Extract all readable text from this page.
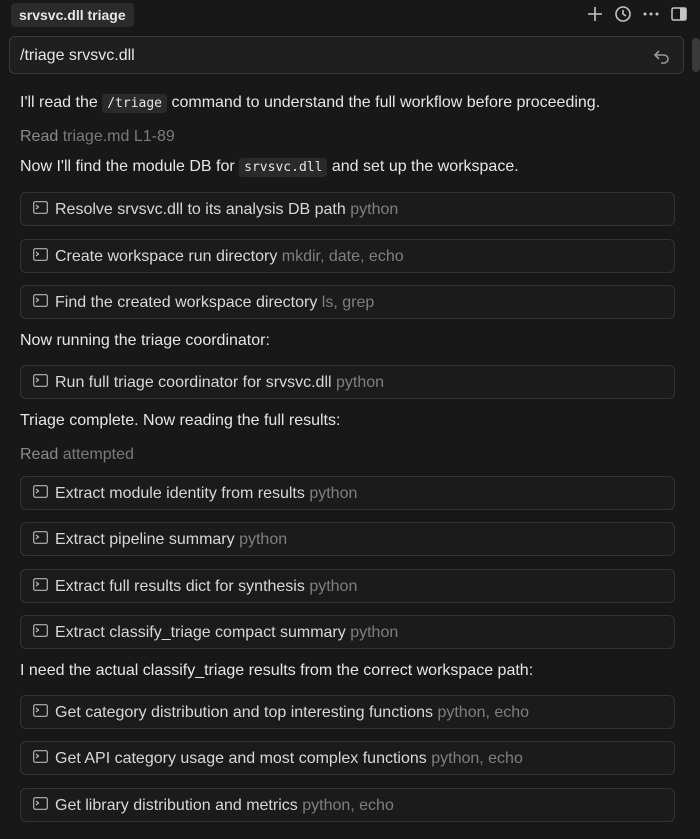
srvsvc.dll triage
/triage srvsvc.dll
I'll read the /triage command to understand the full workflow before proceeding.
Read triage.md L1-89
Now I'll find the module DB for srvsvc.dll and set up the workspace.
Resolve srvsvc.dll to its analysis DB path python
Create workspace run directory mkdir, date, echo
Find the created workspace directory ls, grep
Now running the triage coordinator:
Run full triage coordinator for srvsvc.dll python
Triage complete. Now reading the full results:
Read attempted
Extract module identity from results python
Extract pipeline summary python
Extract full results dict for synthesis python
Extract classify_triage compact summary python
I need the actual classify_triage results from the correct workspace path:
Get category distribution and top interesting functions python, echo
Get API category usage and most complex functions python, echo
Get library distribution and metrics python, echo
